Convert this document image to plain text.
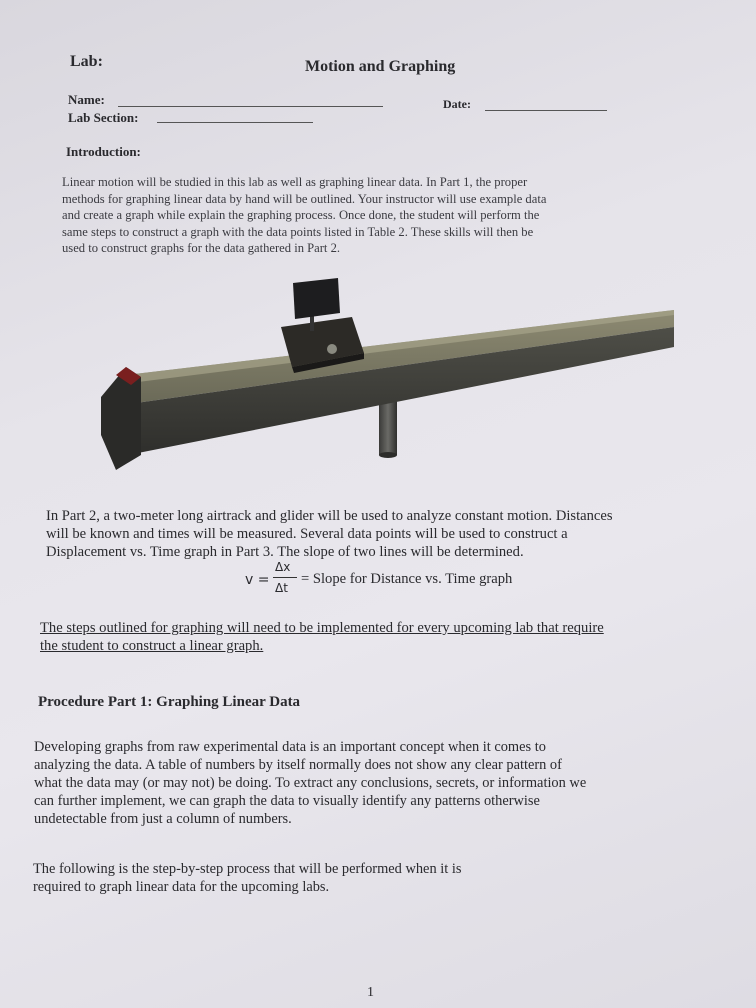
Lab:	Motion and Graphing
Name:	Date:
Lab Section:
Introduction:
Linear motion will be studied in this lab as well as graphing linear data. In Part 1, the proper
methods for graphing linear data by hand will be outlined. Your instructor will use example data
and create a graph while explain the graphing process. Once done, the student will perform the
same steps to construct a graph with the data points listed in Table 2. These skills will then be
used to construct graphs for the data gathered in Part 2.
In Part 2, a two-meter long airtrack and glider will be used to analyze constant motion. Distances
will be known and times will be measured. Several data points will be used to construct a
Displacement vs. Time graph in Part 3. The slope of two lines will be determined.
v =
Δx
Δt
= Slope for Distance vs. Time graph
The steps outlined for graphing will need to be implemented for every upcoming lab that require
the student to construct a linear graph.
Procedure Part 1: Graphing Linear Data
Developing graphs from raw experimental data is an important concept when it comes to
analyzing the data. A table of numbers by itself normally does not show any clear pattern of
what the data may (or may not) be doing. To extract any conclusions, secrets, or information we
can further implement, we can graph the data to visually identify any patterns otherwise
undetectable from just a column of numbers.
The following is the step-by-step process that will be performed when it is
required to graph linear data for the upcoming labs.
1
